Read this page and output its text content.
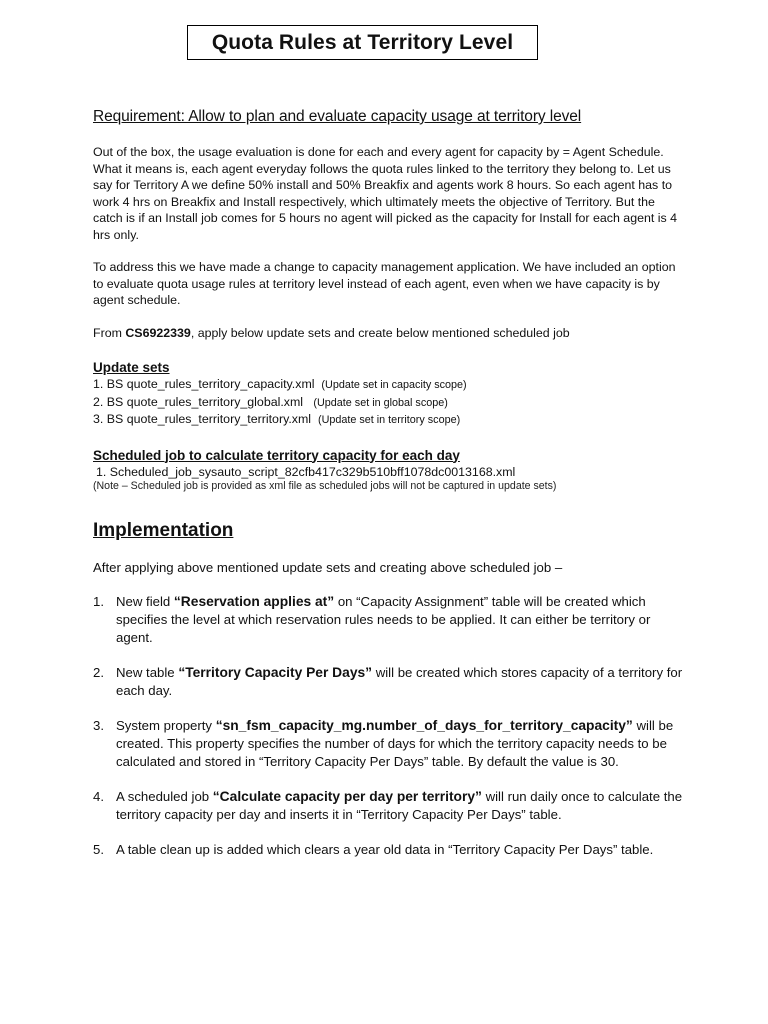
Quota Rules at Territory Level
Requirement: Allow to plan and evaluate capacity usage at territory level

Out of the box, the usage evaluation is done for each and every agent for capacity by = Agent Schedule. What it means is, each agent everyday follows the quota rules linked to the territory they belong to. Let us say for Territory A we define 50% install and 50% Breakfix and agents work 8 hours. So each agent has to work 4 hrs on Breakfix and Install respectively, which ultimately meets the objective of Territory. But the catch is if an Install job comes for 5 hours no agent will picked as the capacity for Install for each agent is 4 hrs only.

To address this we have made a change to capacity management application. We have included an option to evaluate quota usage rules at territory level instead of each agent, even when we have capacity is by agent schedule.

From CS6922339, apply below update sets and create below mentioned scheduled job

Update sets
1. BS quote_rules_territory_capacity.xml (Update set in capacity scope)
2. BS quote_rules_territory_global.xml (Update set in global scope)
3. BS quote_rules_territory_territory.xml (Update set in territory scope)
Scheduled job to calculate territory capacity for each day
1. Scheduled_job_sysauto_script_82cfb417c329b510bff1078dc0013168.xml
(Note – Scheduled job is provided as xml file as scheduled jobs will not be captured in update sets)
Implementation

After applying above mentioned update sets and creating above scheduled job –

1. New field “Reservation applies at” on “Capacity Assignment” table will be created which specifies the level at which reservation rules needs to be applied. It can either be territory or agent.
2. New table “Territory Capacity Per Days” will be created which stores capacity of a territory for each day.
3. System property “sn_fsm_capacity_mg.number_of_days_for_territory_capacity” will be created. This property specifies the number of days for which the territory capacity needs to be calculated and stored in “Territory Capacity Per Days” table. By default the value is 30.
4. A scheduled job “Calculate capacity per day per territory” will run daily once to calculate the territory capacity per day and inserts it in “Territory Capacity Per Days” table.
5. A table clean up is added which clears a year old data in “Territory Capacity Per Days” table.
